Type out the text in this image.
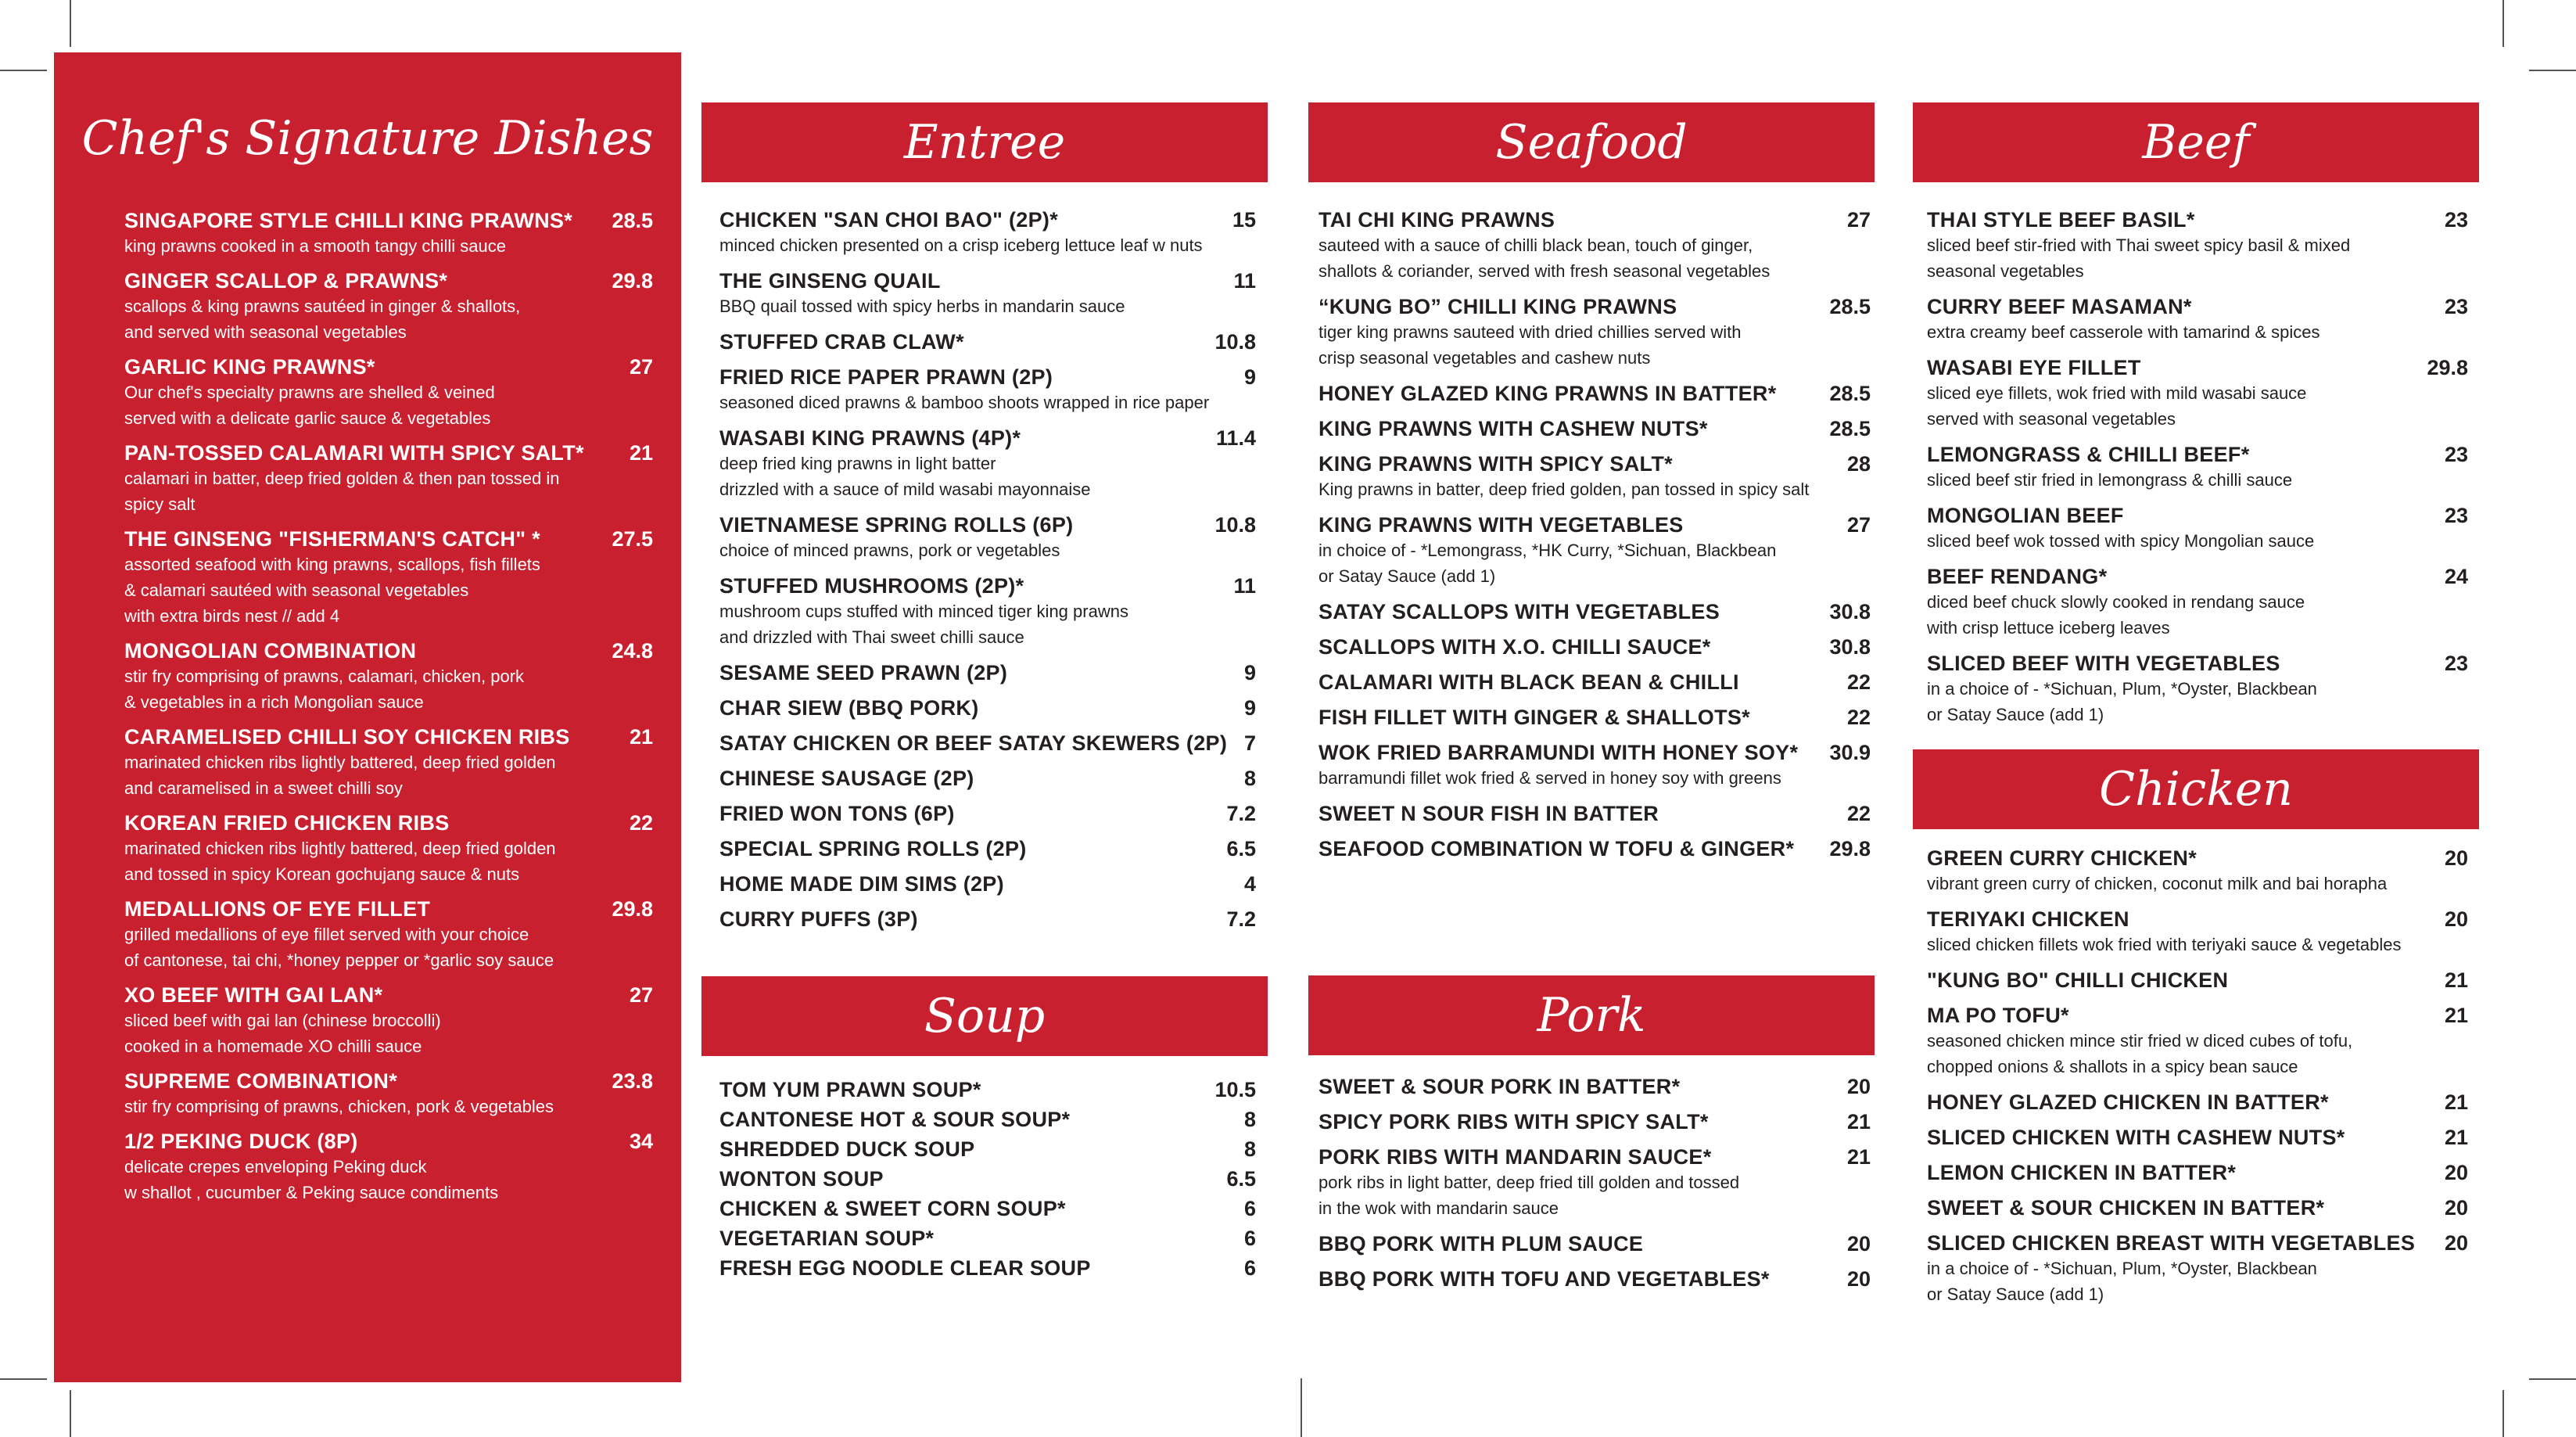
Chef's Signature Dishes
SINGAPORE STYLE CHILLI KING PRAWNS* 28.5
king prawns cooked in a smooth tangy chilli sauce
GINGER SCALLOP & PRAWNS*	29.8
scallops & king prawns sautéed in ginger & shallots,
and served with seasonal vegetables
GARLIC KING PRAWNS*	27
Our chef's specialty prawns are shelled & veined
served with a delicate garlic sauce & vegetables
PAN-TOSSED CALAMARI WITH SPICY SALT* 21
calamari in batter, deep fried golden & then pan tossed in
spicy salt
THE GINSENG "FISHERMAN'S CATCH" *	27.5
assorted seafood with king prawns, scallops, fish fillets
& calamari sautéed with seasonal vegetables
with extra birds nest // add 4
MONGOLIAN COMBINATION	24.8
stir fry comprising of prawns, calamari, chicken, pork
& vegetables in a rich Mongolian sauce
CARAMELISED CHILLI SOY CHICKEN RIBS	21
marinated chicken ribs lightly battered, deep fried golden
and caramelised in a sweet chilli soy
KOREAN FRIED CHICKEN RIBS	22
marinated chicken ribs lightly battered, deep fried golden
and tossed in spicy Korean gochujang sauce & nuts
MEDALLIONS OF EYE FILLET	29.8
grilled medallions of eye fillet served with your choice
of cantonese, tai chi, *honey pepper or *garlic soy sauce
XO BEEF WITH GAI LAN*	27
sliced beef with gai lan (chinese broccolli)
cooked in a homemade XO chilli sauce
SUPREME COMBINATION*	23.8
stir fry comprising of prawns, chicken, pork & vegetables
1/2 PEKING DUCK (8P)	34
delicate crepes enveloping Peking duck
w shallot , cucumber & Peking sauce condiments
Entree
CHICKEN "SAN CHOI BAO" (2P)*	15
minced chicken presented on a crisp iceberg lettuce leaf w nuts
THE GINSENG QUAIL	11
BBQ quail tossed with spicy herbs in mandarin sauce
STUFFED CRAB CLAW*	10.8
FRIED RICE PAPER PRAWN (2P)	9
seasoned diced prawns & bamboo shoots wrapped in rice paper
WASABI KING PRAWNS (4P)*	11.4
deep fried king prawns in light batter
drizzled with a sauce of mild wasabi mayonnaise
VIETNAMESE SPRING ROLLS (6P)	10.8
choice of minced prawns, pork or vegetables
STUFFED MUSHROOMS (2P)*	11
mushroom cups stuffed with minced tiger king prawns
and drizzled with Thai sweet chilli sauce
SESAME SEED PRAWN (2P)	9
CHAR SIEW (BBQ PORK)	9
SATAY CHICKEN OR BEEF SATAY SKEWERS (2P) 7
CHINESE SAUSAGE (2P)	8
FRIED WON TONS (6P)	7.2
SPECIAL SPRING ROLLS (2P)	6.5
HOME MADE DIM SIMS (2P)	4
CURRY PUFFS (3P)	7.2
Soup
TOM YUM PRAWN SOUP*	10.5
CANTONESE HOT & SOUR SOUP*	8
SHREDDED DUCK SOUP	8
WONTON SOUP	6.5
CHICKEN & SWEET CORN SOUP*	6
VEGETARIAN SOUP*	6
FRESH EGG NOODLE CLEAR SOUP	6
Seafood
TAI CHI KING PRAWNS	27
sauteed with a sauce of chilli black bean, touch of ginger,
shallots & coriander, served with fresh seasonal vegetables
“KUNG BO” CHILLI KING PRAWNS	28.5
tiger king prawns sauteed with dried chillies served with
crisp seasonal vegetables and cashew nuts
HONEY GLAZED KING PRAWNS IN BATTER*	28.5
KING PRAWNS WITH CASHEW NUTS*	28.5
KING PRAWNS WITH SPICY SALT*	28
King prawns in batter, deep fried golden, pan tossed in spicy salt
KING PRAWNS WITH VEGETABLES	27
in choice of - *Lemongrass, *HK Curry, *Sichuan, Blackbean
or Satay Sauce (add 1)
SATAY SCALLOPS WITH VEGETABLES	30.8
SCALLOPS WITH X.O. CHILLI SAUCE*	30.8
CALAMARI WITH BLACK BEAN & CHILLI	22
FISH FILLET WITH GINGER & SHALLOTS*	22
WOK FRIED BARRAMUNDI WITH HONEY SOY* 30.9
barramundi fillet wok fried & served in honey soy with greens
SWEET N SOUR FISH IN BATTER	22
SEAFOOD COMBINATION W TOFU & GINGER* 29.8
Pork
SWEET & SOUR PORK IN BATTER*	20
SPICY PORK RIBS WITH SPICY SALT*	21
PORK RIBS WITH MANDARIN SAUCE*	21
pork ribs in light batter, deep fried till golden and tossed
in the wok with mandarin sauce
BBQ PORK WITH PLUM SAUCE	20
BBQ PORK WITH TOFU AND VEGETABLES*	20
Beef
THAI STYLE BEEF BASIL*	23
sliced beef stir-fried with Thai sweet spicy basil & mixed
seasonal vegetables
CURRY BEEF MASAMAN*	23
extra creamy beef casserole with tamarind & spices
WASABI EYE FILLET	29.8
sliced eye fillets, wok fried with mild wasabi sauce
served with seasonal vegetables
LEMONGRASS & CHILLI BEEF*	23
sliced beef stir fried in lemongrass & chilli sauce
MONGOLIAN BEEF	23
sliced beef wok tossed with spicy Mongolian sauce
BEEF RENDANG*	24
diced beef chuck slowly cooked in rendang sauce
with crisp lettuce iceberg leaves
SLICED BEEF WITH VEGETABLES	23
in a choice of - *Sichuan, Plum, *Oyster, Blackbean
or Satay Sauce (add 1)
Chicken
GREEN CURRY CHICKEN*	20
vibrant green curry of chicken, coconut milk and bai horapha
TERIYAKI CHICKEN	20
sliced chicken fillets wok fried with teriyaki sauce & vegetables
"KUNG BO" CHILLI CHICKEN	21
MA PO TOFU*	21
seasoned chicken mince stir fried w diced cubes of tofu,
chopped onions & shallots in a spicy bean sauce
HONEY GLAZED CHICKEN IN BATTER*	21
SLICED CHICKEN WITH CASHEW NUTS*	21
LEMON CHICKEN IN BATTER*	20
SWEET & SOUR CHICKEN IN BATTER*	20
SLICED CHICKEN BREAST WITH VEGETABLES 20
in a choice of - *Sichuan, Plum, *Oyster, Blackbean
or Satay Sauce (add 1)
